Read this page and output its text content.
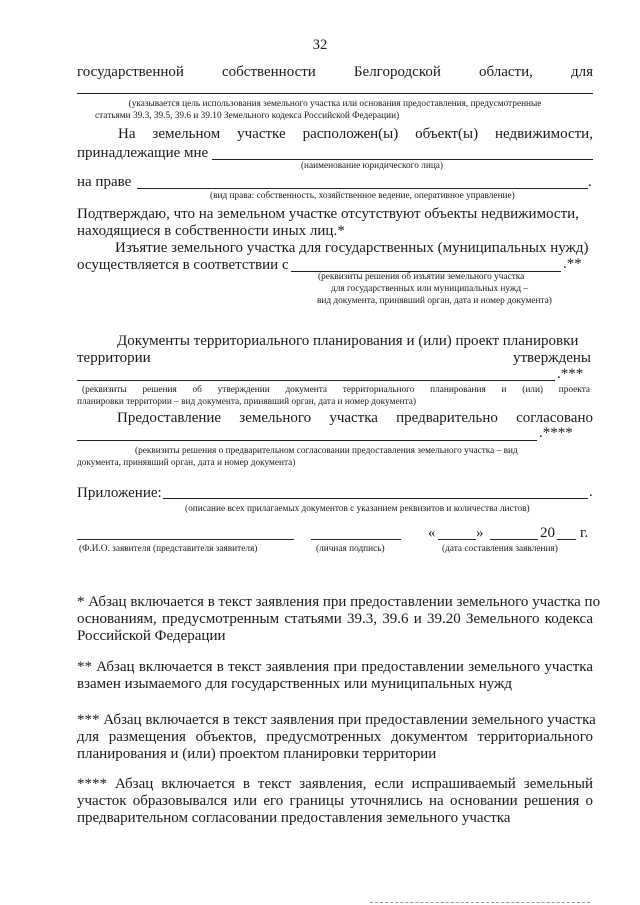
32
государственной	собственности	Белгородской	области,	для
(указывается цель использования земельного участка или основания предоставления, предусмотренные
статьями 39.3, 39.5, 39.6 и 39.10 Земельного кодекса Российской Федерации)
На земельном участке расположен(ы) объект(ы) недвижимости,
принадлежащие мне
(наименование юридического лица)
на праве	.
(вид права: собственность, хозяйственное ведение, оперативное управление)
Подтверждаю, что на земельном участке отсутствуют объекты недвижимости,
находящиеся в собственности иных лиц.*
Изъятие земельного участка для государственных (муниципальных нужд)
осуществляется в соответствии с	.**
(реквизиты решения об изъятии земельного участка
для государственных или муниципальных нужд –
вид документа, принявший орган, дата и номер документа)
Документы территориального планирования и (или) проект планировки
территории	утверждены
.***
(реквизиты решения об утверждении документа территориального планирования и (или) проекта
планировки территории – вид документа, принявший орган, дата и номер документа)
Предоставление земельного участка предварительно согласовано
.****
(реквизиты решения о предварительном согласовании предоставления земельного участка – вид
документа, принявший орган, дата и номер документа)
Приложение:	.
(описание всех прилагаемых документов с указанием реквизитов и количества листов)
«	»	20 г.
(Ф.И.О. заявителя (представителя заявителя)	(личная подпись)	(дата составления заявления)
* Абзац включается в текст заявления при предоставлении земельного участка по
основаниям, предусмотренным статьями 39.3, 39.6 и 39.20 Земельного кодекса
Российской Федерации
** Абзац включается в текст заявления при предоставлении земельного участка
взамен изымаемого для государственных или муниципальных нужд
*** Абзац включается в текст заявления при предоставлении земельного участка
для размещения объектов, предусмотренных документом территориального
планирования и (или) проектом планировки территории
**** Абзац включается в текст заявления, если испрашиваемый земельный
участок образовывался или его границы уточнялись на основании решения о
предварительном согласовании предоставления земельного участка
